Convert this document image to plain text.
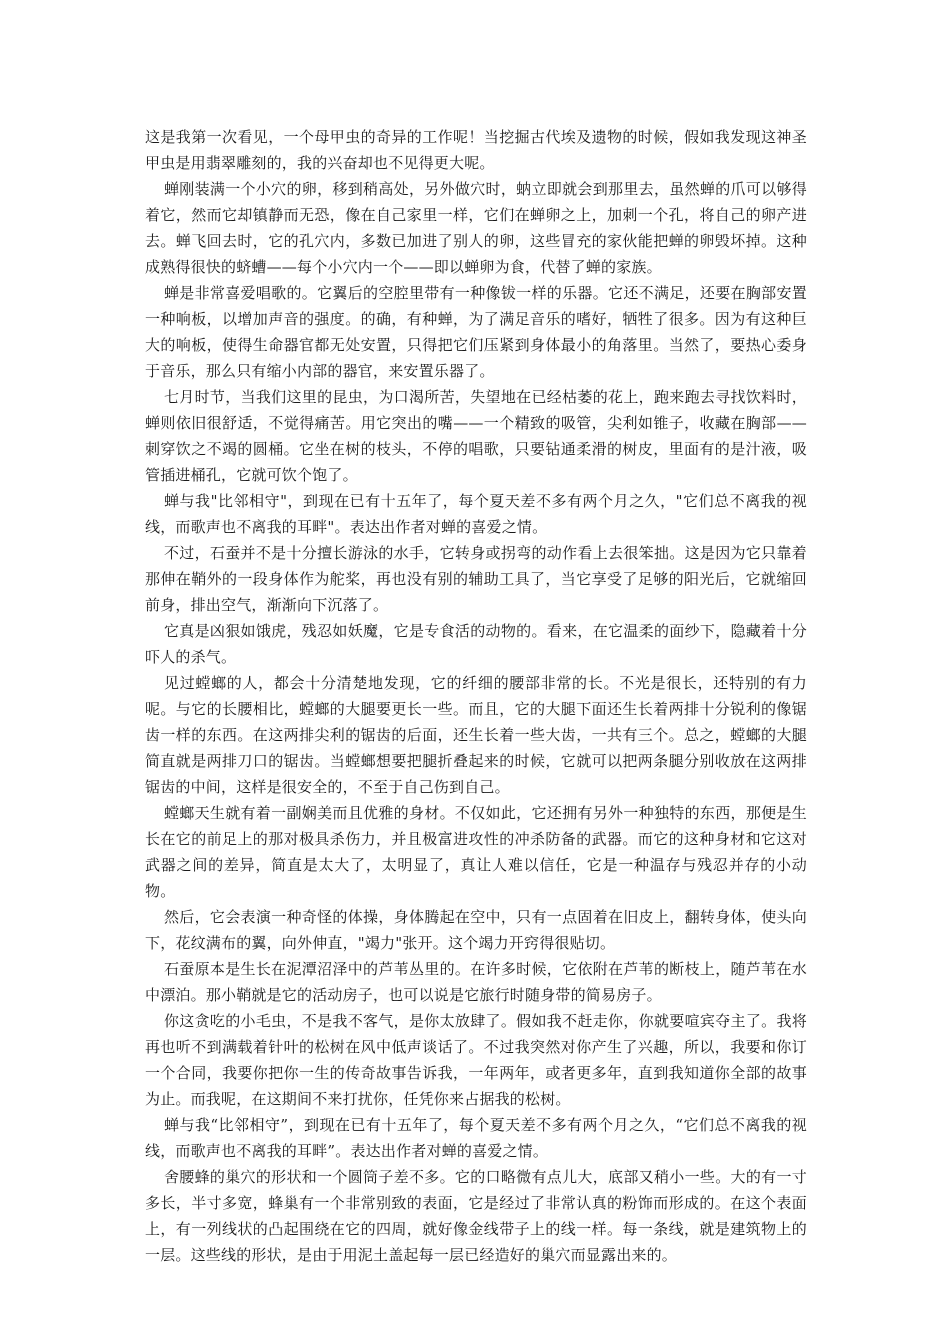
这是我第一次看见，一个母甲虫的奇异的工作呢！当挖掘古代埃及遗物的时候，假如我发现这神圣甲虫是用翡翠雕刻的，我的兴奋却也不见得更大呢。

蝉刚装满一个小穴的卵，移到稍高处，另外做穴时，蚋立即就会到那里去，虽然蝉的爪可以够得着它，然而它却镇静而无恐，像在自己家里一样，它们在蝉卵之上，加刺一个孔，将自己的卵产进去。蝉飞回去时，它的孔穴内，多数已加进了别人的卵，这些冒充的家伙能把蝉的卵毁坏掉。这种成熟得很快的蛴螬——每个小穴内一个——即以蝉卵为食，代替了蝉的家族。

蝉是非常喜爱唱歌的。它翼后的空腔里带有一种像钹一样的乐器。它还不满足，还要在胸部安置一种响板，以增加声音的强度。的确，有种蝉，为了满足音乐的嗜好，牺牲了很多。因为有这种巨大的响板，使得生命器官都无处安置，只得把它们压紧到身体最小的角落里。当然了，要热心委身于音乐，那么只有缩小内部的器官，来安置乐器了。

七月时节，当我们这里的昆虫，为口渴所苦，失望地在已经枯萎的花上，跑来跑去寻找饮料时，蝉则依旧很舒适，不觉得痛苦。用它突出的嘴——一个精致的吸管，尖利如锥子，收藏在胸部——刺穿饮之不竭的圆桶。它坐在树的枝头，不停的唱歌，只要钻通柔滑的树皮，里面有的是汁液，吸管插进桶孔，它就可饮个饱了。

蝉与我"比邻相守"，到现在已有十五年了，每个夏天差不多有两个月之久，"它们总不离我的视线，而歌声也不离我的耳畔"。表达出作者对蝉的喜爱之情。

不过，石蚕并不是十分擅长游泳的水手，它转身或拐弯的动作看上去很笨拙。这是因为它只靠着那伸在鞘外的一段身体作为舵桨，再也没有别的辅助工具了，当它享受了足够的阳光后，它就缩回前身，排出空气，渐渐向下沉落了。

它真是凶狠如饿虎，残忍如妖魔，它是专食活的动物的。看来，在它温柔的面纱下，隐藏着十分吓人的杀气。

见过螳螂的人，都会十分清楚地发现，它的纤细的腰部非常的长。不光是很长，还特别的有力呢。与它的长腰相比，螳螂的大腿要更长一些。而且，它的大腿下面还生长着两排十分锐利的像锯齿一样的东西。在这两排尖利的锯齿的后面，还生长着一些大齿，一共有三个。总之，螳螂的大腿简直就是两排刀口的锯齿。当螳螂想要把腿折叠起来的时候，它就可以把两条腿分别收放在这两排锯齿的中间，这样是很安全的，不至于自己伤到自己。

螳螂天生就有着一副娴美而且优雅的身材。不仅如此，它还拥有另外一种独特的东西，那便是生长在它的前足上的那对极具杀伤力，并且极富进攻性的冲杀防备的武器。而它的这种身材和它这对武器之间的差异，简直是太大了，太明显了，真让人难以信任，它是一种温存与残忍并存的小动物。

然后，它会表演一种奇怪的体操，身体腾起在空中，只有一点固着在旧皮上，翻转身体，使头向下，花纹满布的翼，向外伸直，"竭力"张开。这个竭力开窍得很贴切。

石蚕原本是生长在泥潭沼泽中的芦苇丛里的。在许多时候，它依附在芦苇的断枝上，随芦苇在水中漂泊。那小鞘就是它的活动房子，也可以说是它旅行时随身带的简易房子。

你这贪吃的小毛虫，不是我不客气，是你太放肆了。假如我不赶走你，你就要喧宾夺主了。我将再也听不到满载着针叶的松树在风中低声谈话了。不过我突然对你产生了兴趣，所以，我要和你订一个合同，我要你把你一生的传奇故事告诉我，一年两年，或者更多年，直到我知道你全部的故事为止。而我呢，在这期间不来打扰你，任凭你来占据我的松树。

蝉与我“比邻相守”，到现在已有十五年了，每个夏天差不多有两个月之久，“它们总不离我的视线，而歌声也不离我的耳畔”。表达出作者对蝉的喜爱之情。

舍腰蜂的巢穴的形状和一个圆筒子差不多。它的口略微有点儿大，底部又稍小一些。大的有一寸多长，半寸多宽，蜂巢有一个非常别致的表面，它是经过了非常认真的粉饰而形成的。在这个表面上，有一列线状的凸起围绕在它的四周，就好像金线带子上的线一样。每一条线，就是建筑物上的一层。这些线的形状，是由于用泥土盖起每一层已经造好的巢穴而显露出来的。
